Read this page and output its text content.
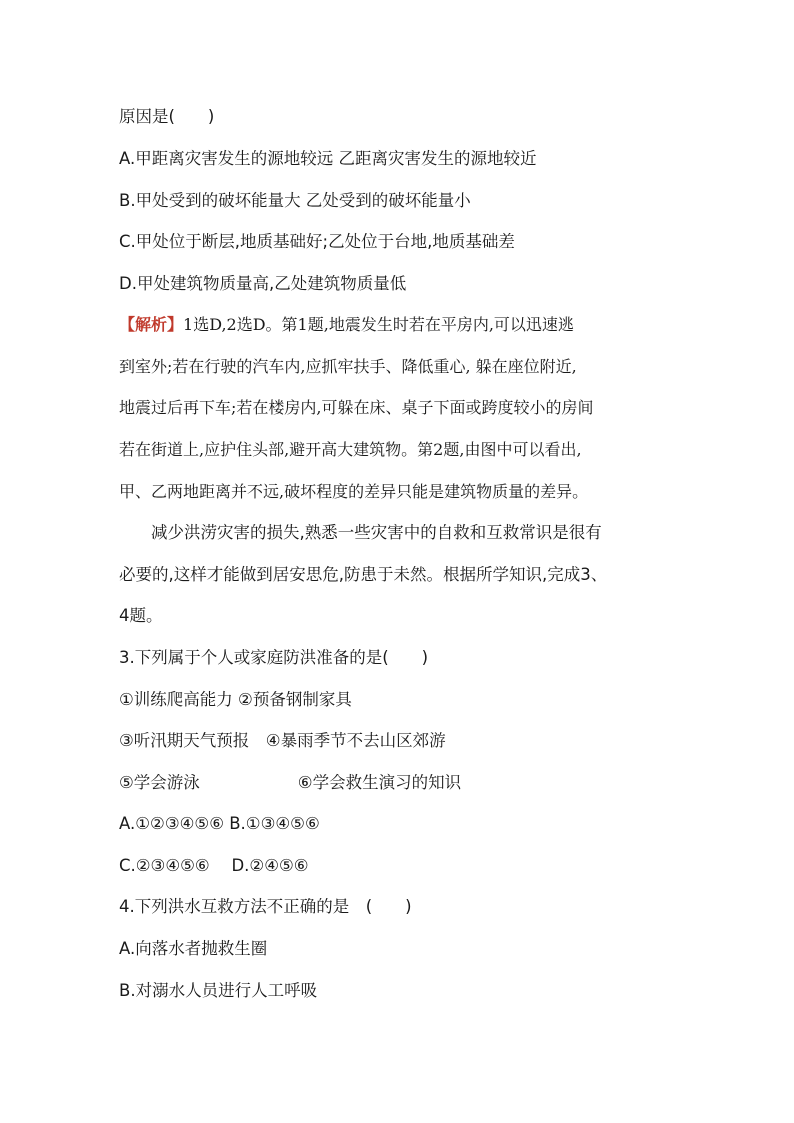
原因是(　　)
A.甲距离灾害发生的源地较远 乙距离灾害发生的源地较近
B.甲处受到的破坏能量大 乙处受到的破坏能量小
C.甲处位于断层,地质基础好;乙处位于台地,地质基础差
D.甲处建筑物质量高,乙处建筑物质量低
【解析】1选D,2选D。第1题,地震发生时若在平房内,可以迅速逃
到室外;若在行驶的汽车内,应抓牢扶手、降低重心, 躲在座位附近,
地震过后再下车;若在楼房内,可躲在床、桌子下面或跨度较小的房间
若在街道上,应护住头部,避开高大建筑物。第2题,由图中可以看出,
甲、乙两地距离并不远,破坏程度的差异只能是建筑物质量的差异。
减少洪涝灾害的损失,熟悉一些灾害中的自救和互救常识是很有
必要的,这样才能做到居安思危,防患于未然。根据所学知识,完成3、
4题。
3.下列属于个人或家庭防洪准备的是(　　)
①训练爬高能力 ②预备钢制家具
③听汛期天气预报　④暴雨季节不去山区郊游
⑤学会游泳	⑥学会救生演习的知识
A.①②③④⑤⑥ B.①③④⑤⑥
C.②③④⑤⑥　 D.②④⑤⑥
4.下列洪水互救方法不正确的是　(　　)
A.向落水者抛救生圈
B.对溺水人员进行人工呼吸
